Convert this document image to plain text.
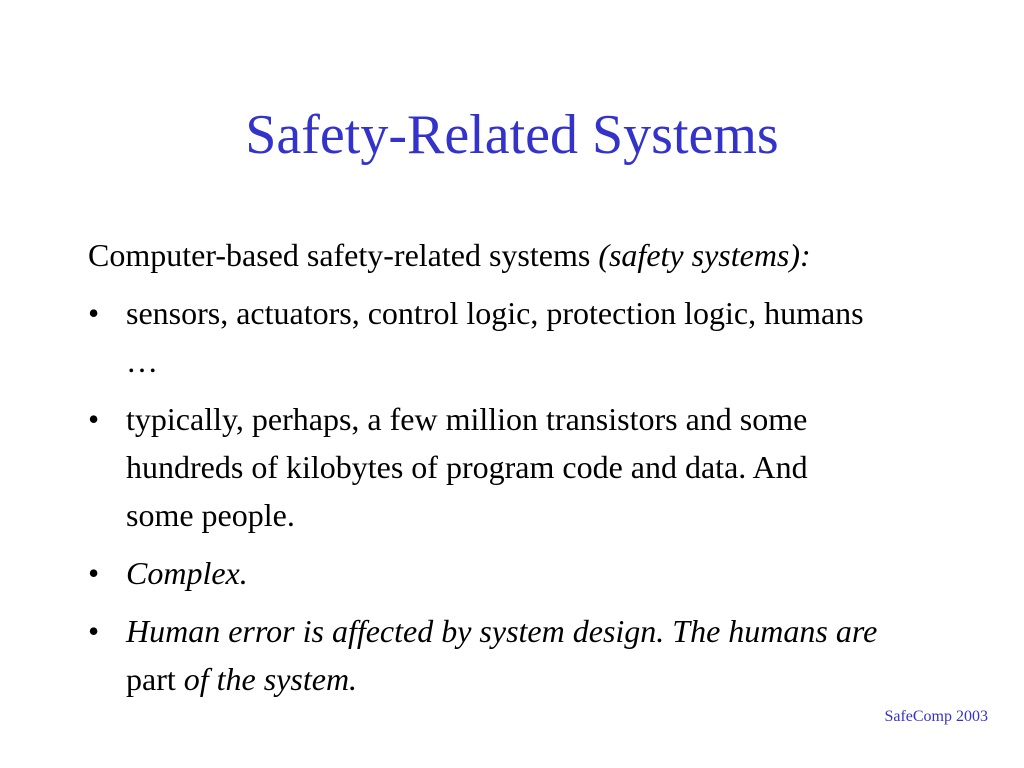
Safety-Related Systems

Computer-based safety-related systems (safety systems):

• sensors, actuators, control logic, protection logic, humans …
• typically, perhaps, a few million transistors and some hundreds of kilobytes of program code and data. And some people.
• Complex.
• Human error is affected by system design. The humans are part of the system.
SafeComp 2003
